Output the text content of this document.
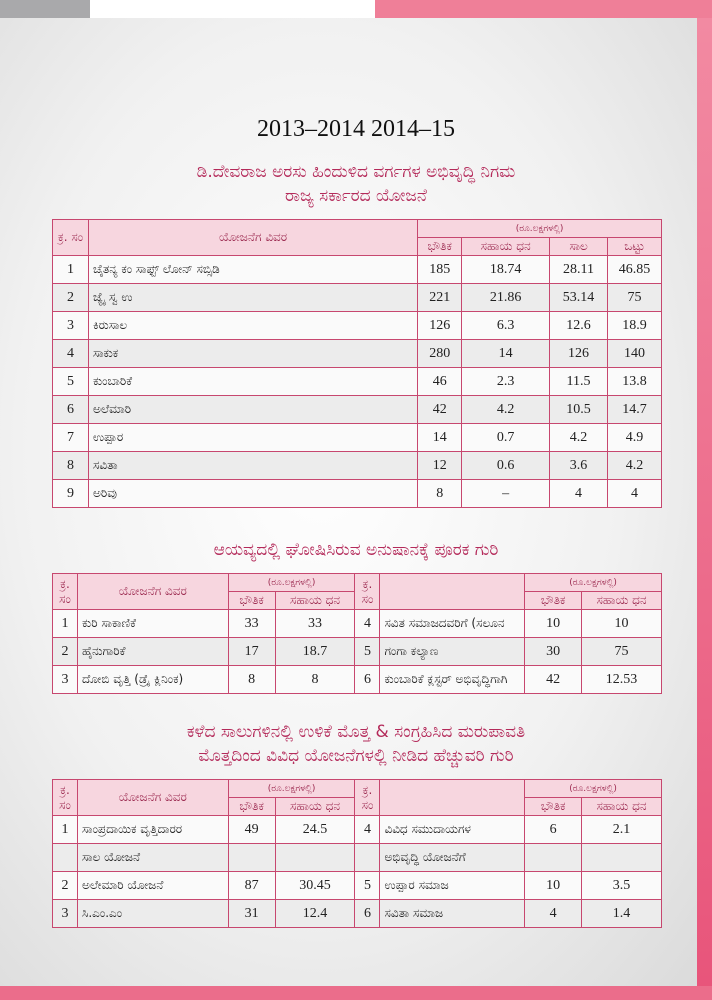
2013–2014 2014–15
ಡಿ.ದೇವರಾಜ ಅರಸು ಹಿಂದುಳಿದ ವರ್ಗಗಳ ಅಭಿವೃದ್ಧಿ ನಿಗಮ
ರಾಜ್ಯ ಸರ್ಕಾರದ ಯೋಜನೆ
ಕ್ರ. ಸಂ	ಯೋಜನೆಗ ವಿವರ	(ರೂ.ಲಕ್ಷಗಳಲ್ಲಿ)			
		ಭೌತಿಕ	ಸಹಾಯ ಧನ	ಸಾಲ	ಒಟ್ಟು
1	ಚೈತನ್ಯ ಕಂ ಸಾಫ್ಟ್ ಲೋನ್ ಸಬ್ಸಿಡಿ	185	18.74	28.11	46.85
2	ಜ್ಯೈ ಸ್ವ ಉ	221	21.86	53.14	75
3	ಕಿರುಸಾಲ	126	6.3	12.6	18.9
4	ಸಾಕುಕ	280	14	126	140
5	ಕುಂಬಾರಿಕೆ	46	2.3	11.5	13.8
6	ಅಲೆಮಾರಿ	42	4.2	10.5	14.7
7	ಉಪ್ಪಾರ	14	0.7	4.2	4.9
8	ಸವಿತಾ	12	0.6	3.6	4.2
9	ಅರಿವು	8	–	4	4
ಆಯವ್ಯದಲ್ಲಿ ಘೋಷಿಸಿರುವ ಅನುಷಾನಕ್ಕೆ ಪೂರಕ ಗುರಿ
ಕ್ರ. ಸಂ	ಯೋಜನೆಗ ವಿವರ	(ರೂ.ಲಕ್ಷಗಳಲ್ಲಿ)		ಕ್ರ. ಸಂ		(ರೂ.ಲಕ್ಷಗಳಲ್ಲಿ)	
		ಭೌತಿಕ	ಸಹಾಯ ಧನ			ಭೌತಿಕ	ಸಹಾಯ ಧನ
1	ಕುರಿ ಸಾಕಾಣಿಕೆ	33	33	4	ಸವಿತ ಸಮಾಜದವರಿಗೆ (ಸಲೂನ	10	10
2	ಹೈನುಗಾರಿಕೆ	17	18.7	5	ಗಂಗಾ ಕಲ್ಯಾಣ	30	75
3	ದೋಬಿ ವೃತ್ತಿ (ಡ್ರೈ ಕ್ಲಿನಿಂಕ)	8	8	6	ಕುಂಬಾರಿಕೆ ಕ್ಲಸ್ಟರ್ ಅಭಿವೃದ್ಧಿಗಾಗಿ	42	12.53
ಕಳೆದ ಸಾಲುಗಳಿನಲ್ಲಿ ಉಳಿಕೆ ಮೊತ್ತ & ಸಂಗ್ರಹಿಸಿದ ಮರುಪಾವತಿ
ಮೊತ್ತದಿಂದ ವಿವಿಧ ಯೋಜನೆಗಳಲ್ಲಿ ನೀಡಿದ ಹೆಚ್ಚುವರಿ ಗುರಿ
ಕ್ರ. ಸಂ	ಯೋಜನೆಗ ವಿವರ	(ರೂ.ಲಕ್ಷಗಳಲ್ಲಿ)		ಕ್ರ. ಸಂ		(ರೂ.ಲಕ್ಷಗಳಲ್ಲಿ)	
		ಭೌತಿಕ	ಸಹಾಯ ಧನ			ಭೌತಿಕ	ಸಹಾಯ ಧನ
1	ಸಾಂಪ್ರದಾಯಿಕ ವೃತ್ತಿದಾರರ	49	24.5	4	ವಿವಿಧ ಸಮುದಾಯಗಳ	6	2.1
	ಸಾಲ ಯೋಜನೆ				ಅಭಿವೃದ್ಧಿ ಯೋಜನೆಗೆ		
2	ಅಲೇಮಾರಿ ಯೋಜನೆ	87	30.45	5	ಉಪ್ಪಾರ ಸಮಾಜ	10	3.5
3	ಸಿ.ಎಂ.ಎಂ	31	12.4	6	ಸವಿತಾ ಸಮಾಜ	4	1.4
